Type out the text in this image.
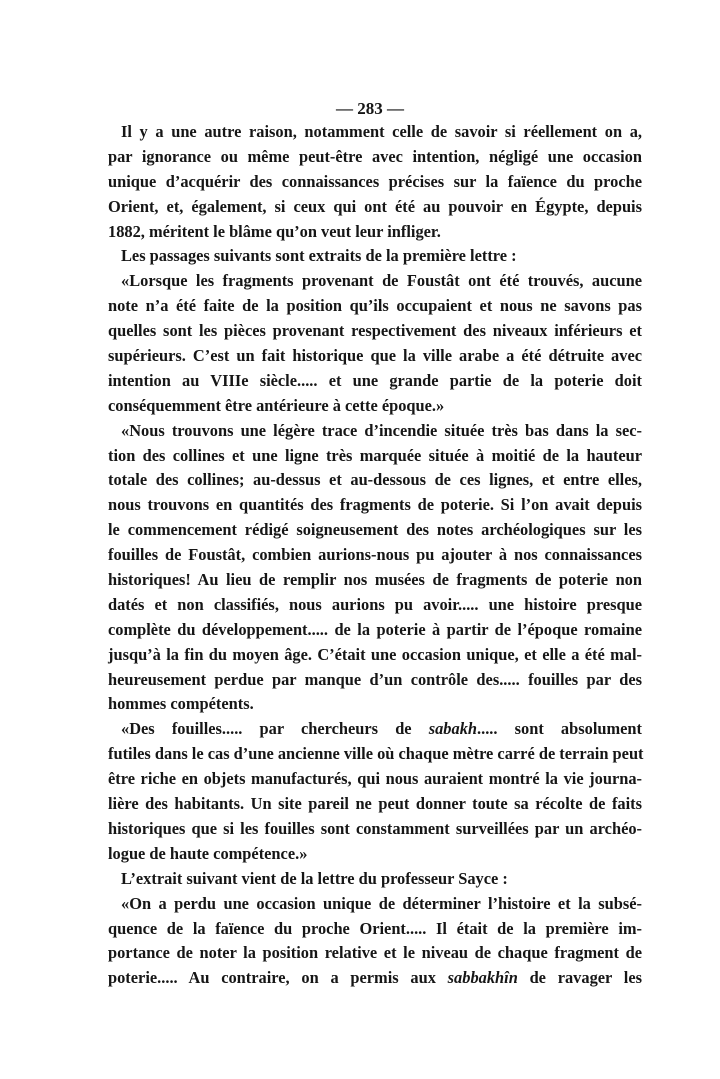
— 283 —
Il y a une autre raison, notamment celle de savoir si réellement on a,
par ignorance ou même peut-être avec intention, négligé une occasion
unique d’acquérir des connaissances précises sur la faïence du proche
Orient, et, également, si ceux qui ont été au pouvoir en Égypte, depuis
1882, méritent le blâme qu’on veut leur infliger.
Les passages suivants sont extraits de la première lettre :
«Lorsque les fragments provenant de Foustât ont été trouvés, aucune
note n’a été faite de la position qu’ils occupaient et nous ne savons pas
quelles sont les pièces provenant respectivement des niveaux inférieurs et
supérieurs. C’est un fait historique que la ville arabe a été détruite avec
intention au VIIIe siècle..... et une grande partie de la poterie doit
conséquemment être antérieure à cette époque.»
«Nous trouvons une légère trace d’incendie située très bas dans la sec-
tion des collines et une ligne très marquée située à moitié de la hauteur
totale des collines; au-dessus et au-dessous de ces lignes, et entre elles,
nous trouvons en quantités des fragments de poterie. Si l’on avait depuis
le commencement rédigé soigneusement des notes archéologiques sur les
fouilles de Foustât, combien aurions-nous pu ajouter à nos connaissances
historiques! Au lieu de remplir nos musées de fragments de poterie non
datés et non classifiés, nous aurions pu avoir..... une histoire presque
complète du développement..... de la poterie à partir de l’époque romaine
jusqu’à la fin du moyen âge. C’était une occasion unique, et elle a été mal-
heureusement perdue par manque d’un contrôle des..... fouilles par des
hommes compétents.
«Des fouilles..... par chercheurs de sabakh..... sont absolument
futiles dans le cas d’une ancienne ville où chaque mètre carré de terrain peut
être riche en objets manufacturés, qui nous auraient montré la vie journa-
lière des habitants. Un site pareil ne peut donner toute sa récolte de faits
historiques que si les fouilles sont constamment surveillées par un archéo-
logue de haute compétence.»
L’extrait suivant vient de la lettre du professeur Sayce :
«On a perdu une occasion unique de déterminer l’histoire et la subsé-
quence de la faïence du proche Orient..... Il était de la première im-
portance de noter la position relative et le niveau de chaque fragment de
poterie..... Au contraire, on a permis aux sabbakhîn de ravager les
